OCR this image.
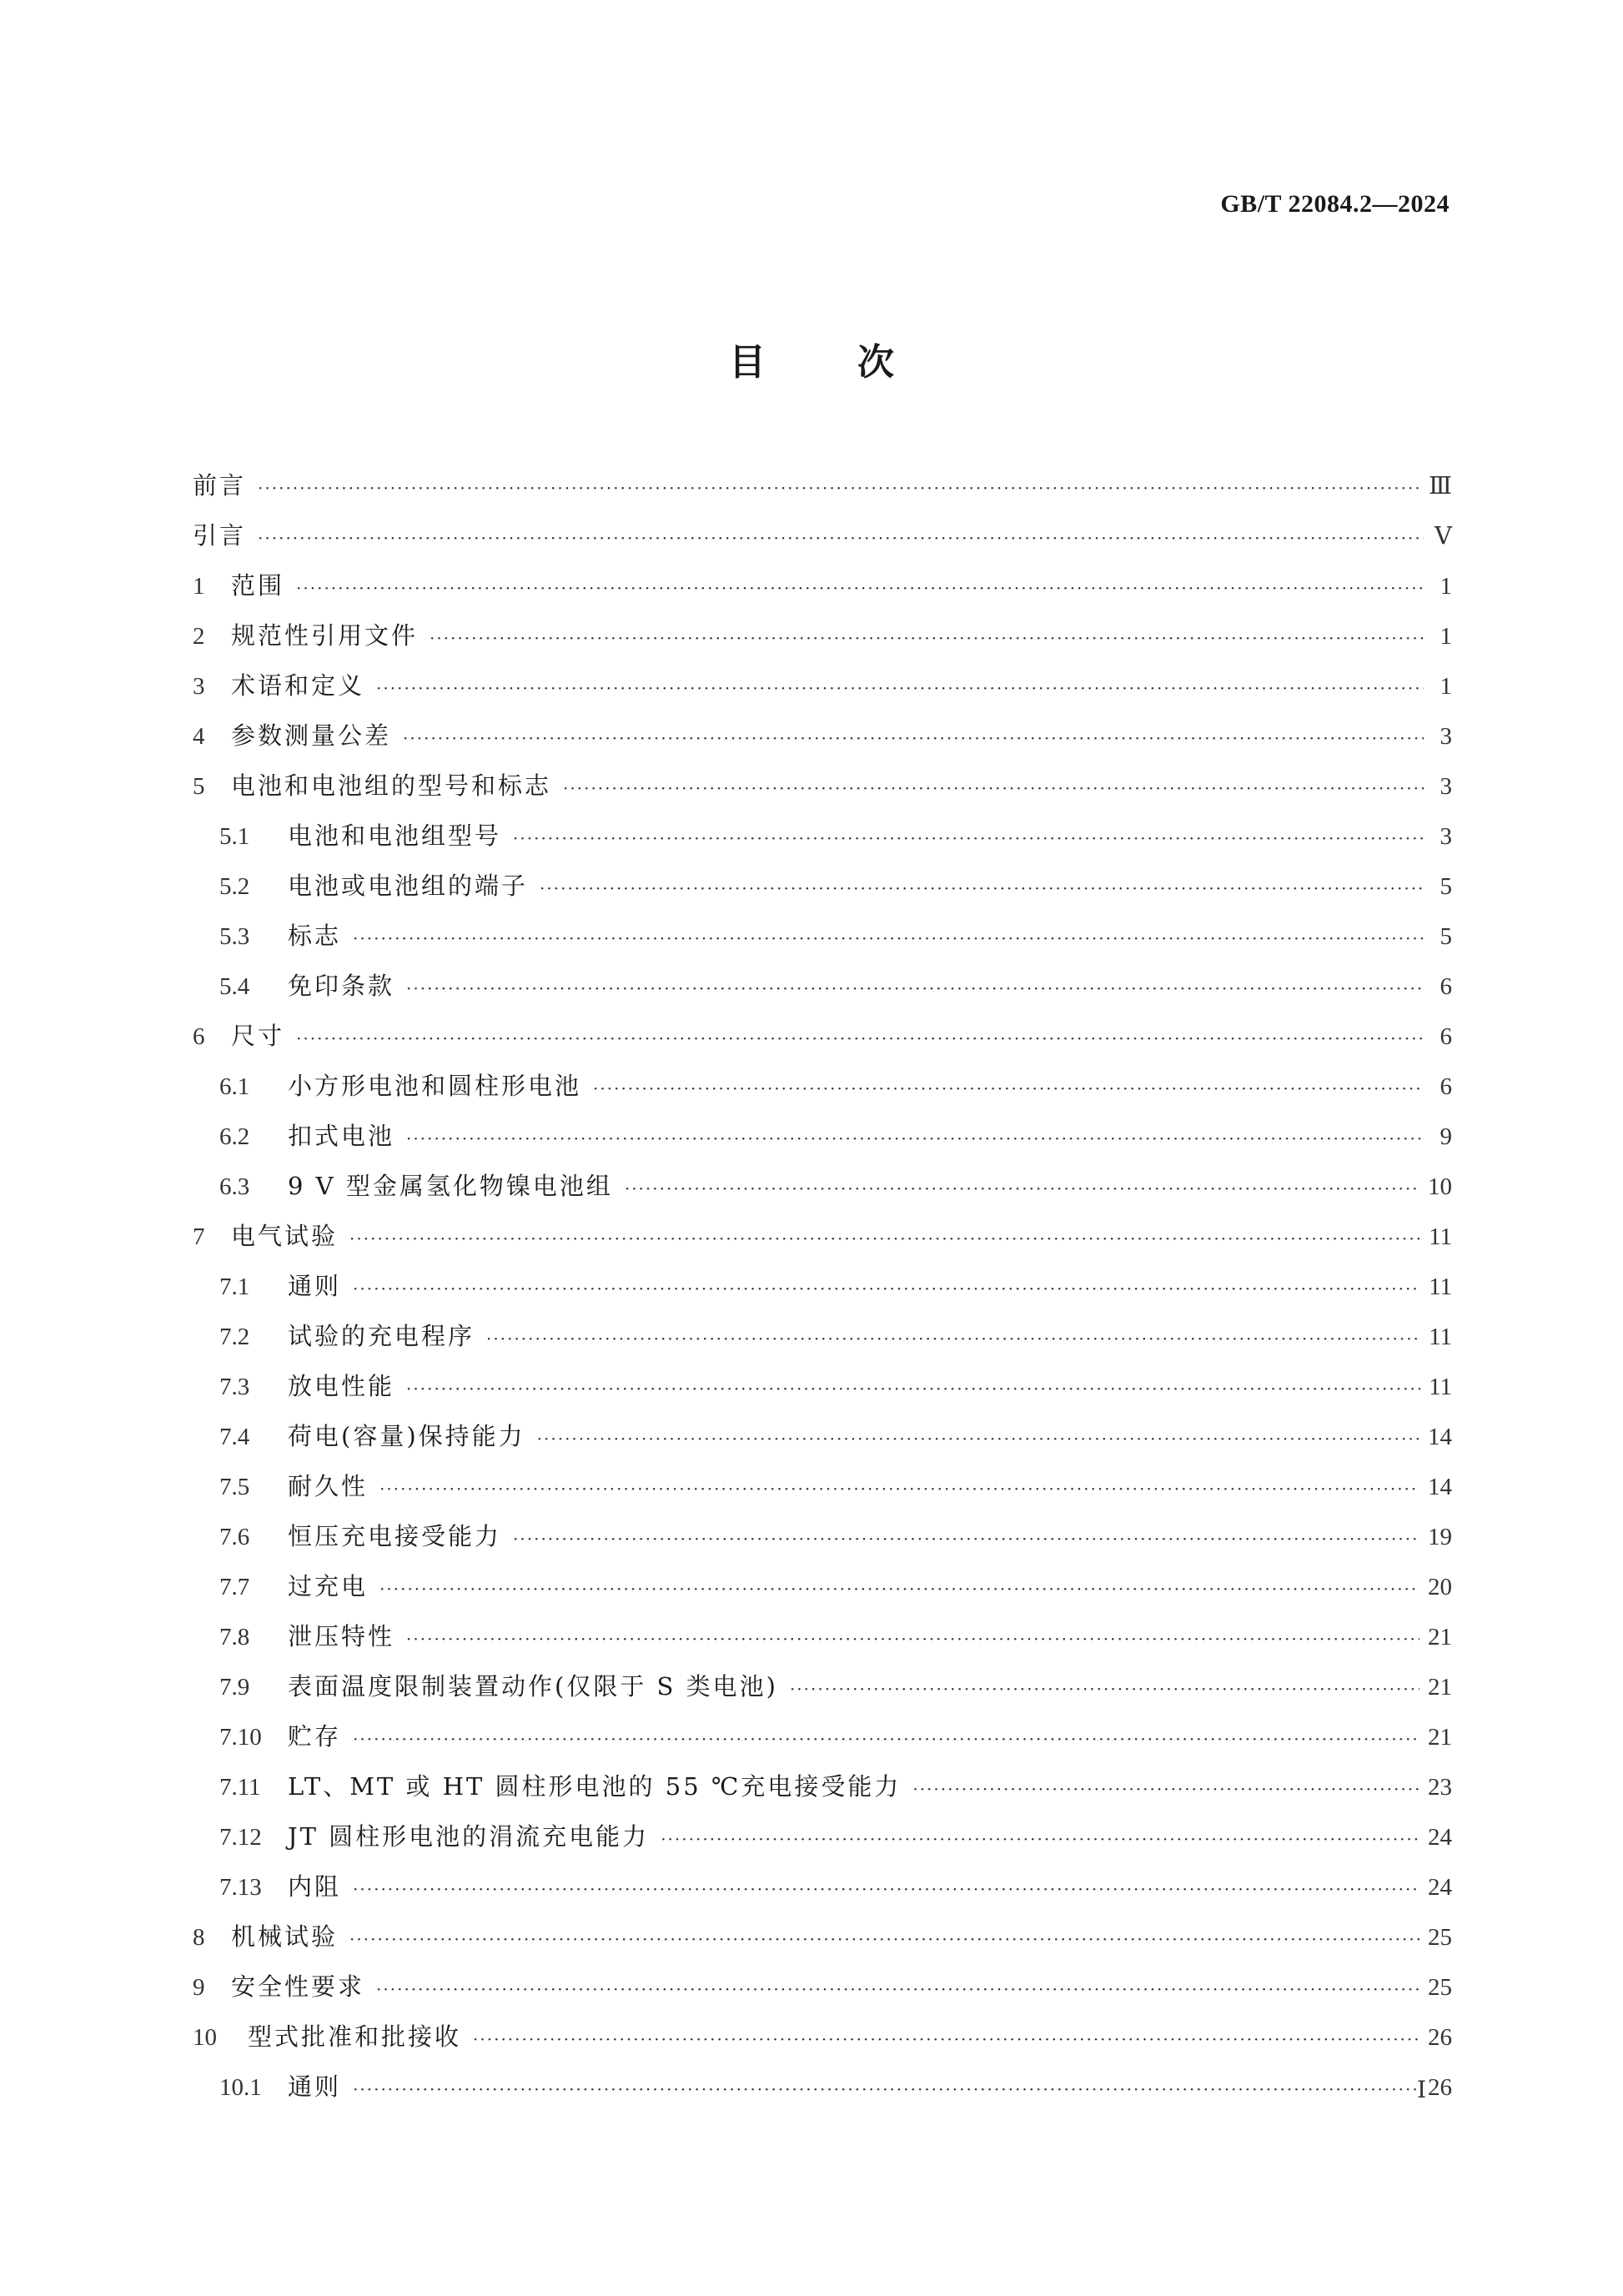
GB/T 22084.2—2024
目	次
前言 ·····	Ⅲ
引言 ·····	Ⅴ
1	范围 ·····	1
2	规范性引用文件 ·····	1
3	术语和定义 ·····	1
4	参数测量公差 ·····	3
5	电池和电池组的型号和标志 ·····	3
5.1	电池和电池组型号 ·····	3
5.2	电池或电池组的端子 ·····	5
5.3	标志 ·····	5
5.4	免印条款 ·····	6
6	尺寸 ·····	6
6.1	小方形电池和圆柱形电池 ·····	6
6.2	扣式电池 ·····	9
6.3	9 V 型金属氢化物镍电池组 ·····	10
7	电气试验 ·····	11
7.1	通则 ·····	11
7.2	试验的充电程序 ·····	11
7.3	放电性能 ·····	11
7.4	荷电(容量)保持能力 ·····	14
7.5	耐久性 ·····	14
7.6	恒压充电接受能力 ·····	19
7.7	过充电 ·····	20
7.8	泄压特性 ·····	21
7.9	表面温度限制装置动作(仅限于 S 类电池) ·····	21
7.10	贮存 ·····	21
7.11	LT、MT 或 HT 圆柱形电池的 55 ℃充电接受能力 ·····	23
7.12	JT 圆柱形电池的涓流充电能力 ·····	24
7.13	内阻 ·····	24
8	机械试验 ·····	25
9	安全性要求 ·····	25
10	型式批准和批接收 ·····	26
10.1	通则 ·····	26
Ⅰ
